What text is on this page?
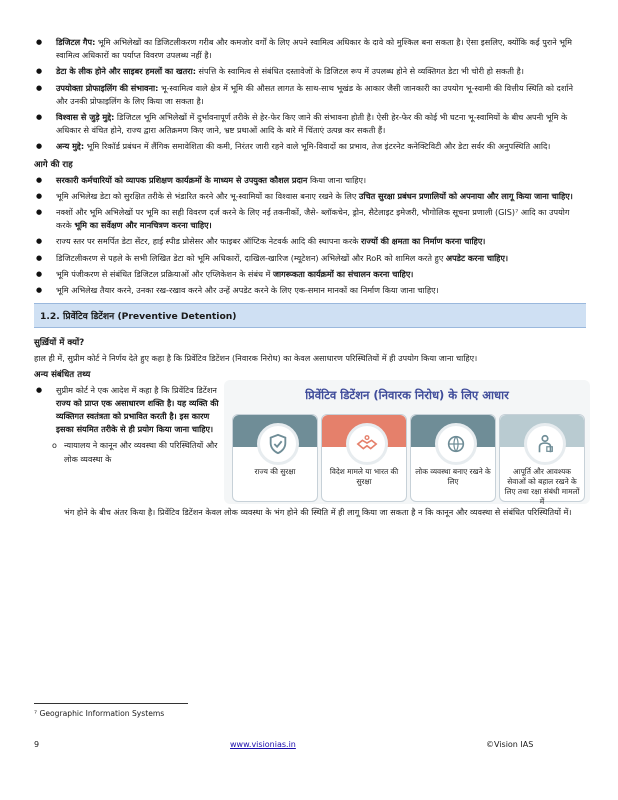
● डिजिटल गैप: भूमि अभिलेखों का डिजिटलीकरण गरीब और कमजोर वर्गों के लिए अपने स्वामित्व अधिकार के दावे को मुश्किल बना सकता है। ऐसा इसलिए, क्योंकि कई पुराने भूमि स्वामित्व अधिकारों का पर्याप्त विवरण उपलब्ध नहीं है।
● डेटा के लीक होने और साइबर हमलों का खतरा: संपत्ति के स्वामित्व से संबंधित दस्तावेजों के डिजिटल रूप में उपलब्ध होने से व्यक्तिगत डेटा भी चोरी हो सकती है।
● उपयोक्ता प्रोफाइलिंग की संभावना: भू-स्वामित्व वाले क्षेत्र में भूमि की औसत लागत के साथ-साथ भूखंड के आकार जैसी जानकारी का उपयोग भू-स्वामी की वित्तीय स्थिति को दर्शाने और उनकी प्रोफाइलिंग के लिए किया जा सकता है।
● विश्वास से जुड़े मुद्दे: डिजिटल भूमि अभिलेखों में दुर्भावनापूर्ण तरीके से हेर-फेर किए जाने की संभावना होती है। ऐसी हेर-फेर की कोई भी घटना भू-स्वामियों के बीच अपनी भूमि के अधिकार से वंचित होने, राज्य द्वारा अतिक्रमण किए जाने, भ्रष्ट प्रथाओं आदि के बारे में चिंताएं उत्पन्न कर सकती हैं।
● अन्य मुद्दे: भूमि रिकॉर्ड प्रबंधन में लैंगिक समावेशिता की कमी, निरंतर जारी रहने वाले भूमि-विवादों का प्रभाव, तेज इंटरनेट कनेक्टिविटी और डेटा सर्वर की अनुपस्थिति आदि।
आगे की राह
● सरकारी कर्मचारियों को व्यापक प्रशिक्षण कार्यक्रमों के माध्यम से उपयुक्त कौशल प्रदान किया जाना चाहिए।
● भूमि अभिलेख डेटा को सुरक्षित तरीके से भंडारित करने और भू-स्वामियों का विश्वास बनाए रखने के लिए उचित सुरक्षा प्रबंधन प्रणालियों को अपनाया और लागू किया जाना चाहिए।
● नक्शों और भूमि अभिलेखों पर भूमि का सही विवरण दर्ज करने के लिए नई तकनीकों, जैसे- ब्लॉकचेन, ड्रोन, सैटेलाइट इमेजरी, भौगोलिक सूचना प्रणाली (GIS)⁷ आदि का उपयोग करके भूमि का सर्वेक्षण और मानचित्रण करना चाहिए।
● राज्य स्तर पर समर्पित डेटा सेंटर, हाई स्पीड प्रोसेसर और फाइबर ऑप्टिक नेटवर्क आदि की स्थापना करके राज्यों की क्षमता का निर्माण करना चाहिए।
● डिजिटलीकरण से पहले के सभी लिखित डेटा को भूमि अधिकारों, दाखिल-खारिज (म्यूटेशन) अभिलेखों और RoR को शामिल करते हुए अपडेट करना चाहिए।
● भूमि पंजीकरण से संबंधित डिजिटल प्रक्रियाओं और एप्लिकेशन के संबंध में जागरूकता कार्यक्रमों का संचालन करना चाहिए।
● भूमि अभिलेख तैयार करने, उनका रख-रखाव करने और उन्हें अपडेट करने के लिए एक-समान मानकों का निर्माण किया जाना चाहिए।
1.2. प्रिवेंटिव डिटेंशन (Preventive Detention)
सुर्ख़ियों में क्यों?

हाल ही में, सुप्रीम कोर्ट ने निर्णय देते हुए कहा है कि प्रिवेंटिव डिटेंशन (निवारक निरोध) का केवल असाधारण परिस्थितियों में ही उपयोग किया जाना चाहिए।

अन्य संबंधित तथ्य
● सुप्रीम कोर्ट ने एक आदेश में कहा है कि प्रिवेंटिव डिटेंशन राज्य को प्राप्त एक असाधारण शक्ति है। यह व्यक्ति की व्यक्तिगत स्वतंत्रता को प्रभावित करती है। इस कारण इसका संयमित तरीके से ही प्रयोग किया जाना चाहिए।
o न्यायालय ने कानून और व्यवस्था की परिस्थितियों और लोक व्यवस्था के
प्रिवेंटिव डिटेंशन (निवारक निरोध) के लिए आधार
राज्य की सुरक्षा	विदेश मामले या भारत की सुरक्षा
लोक व्यवस्था बनाए रखने के लिए
आपूर्ति और आवश्यक सेवाओं को बहाल रखने के लिए तथा रक्षा संबंधी मामलों में
भंग होने के बीच अंतर किया है। प्रिवेंटिव डिटेंशन केवल लोक व्यवस्था के भंग होने की स्थिति में ही लागू किया जा सकता है न कि कानून और व्यवस्था से संबंधित परिस्थितियों में।
⁷ Geographic Information Systems
9	www.visionias.in	©Vision IAS
